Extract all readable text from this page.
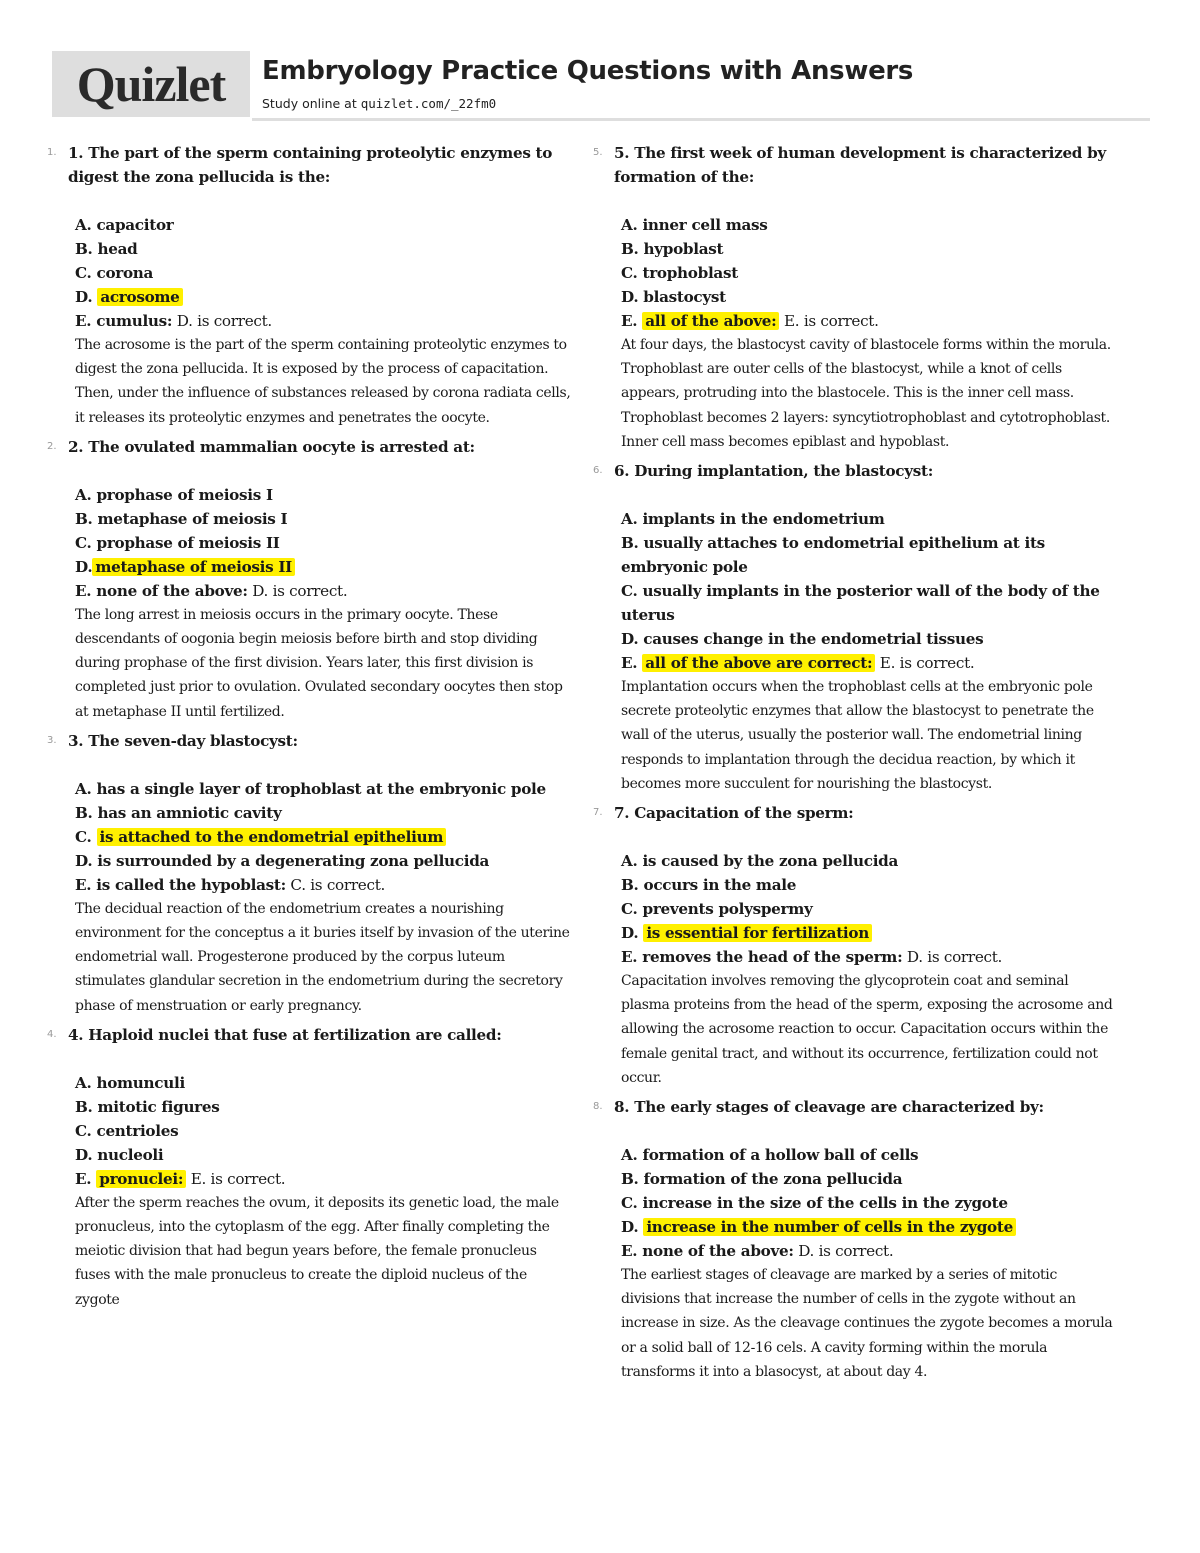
Quizlet Embryology Practice Questions with Answers
Study online at quizlet.com/_22fm0
1. 1. The part of the sperm containing proteolytic enzymes to digest the zona pellucida is the:
A. capacitor
B. head
C. corona
D. acrosome
E. cumulus: D. is correct.
The acrosome is the part of the sperm containing proteolytic enzymes to digest the zona pellucida. It is exposed by the process of capacitation. Then, under the influence of substances released by corona radiata cells, it releases its proteolytic enzymes and penetrates the oocyte.
2. 2. The ovulated mammalian oocyte is arrested at:
A. prophase of meiosis I
B. metaphase of meiosis I
C. prophase of meiosis II
D. metaphase of meiosis II
E. none of the above: D. is correct.
The long arrest in meiosis occurs in the primary oocyte. These descendants of oogonia begin meiosis before birth and stop dividing during prophase of the first division. Years later, this first division is completed just prior to ovulation. Ovulated secondary oocytes then stop at metaphase II until fertilized.
3. 3. The seven-day blastocyst:
A. has a single layer of trophoblast at the embryonic pole
B. has an amniotic cavity
C. is attached to the endometrial epithelium
D. is surrounded by a degenerating zona pellucida
E. is called the hypoblast: C. is correct.
The decidual reaction of the endometrium creates a nourishing environment for the conceptus a it buries itself by invasion of the uterine endometrial wall. Progesterone produced by the corpus luteum stimulates glandular secretion in the endometrium during the secretory phase of menstruation or early pregnancy.
4. 4. Haploid nuclei that fuse at fertilization are called:
A. homunculi
B. mitotic figures
C. centrioles
D. nucleoli
E. pronuclei: E. is correct.
After the sperm reaches the ovum, it deposits its genetic load, the male pronucleus, into the cytoplasm of the egg. After finally completing the meiotic division that had begun years before, the female pronucleus fuses with the male pronucleus to create the diploid nucleus of the zygote
5. 5. The first week of human development is characterized by formation of the:
A. inner cell mass
B. hypoblast
C. trophoblast
D. blastocyst
E. all of the above: E. is correct.
At four days, the blastocyst cavity of blastocele forms within the morula. Trophoblast are outer cells of the blastocyst, while a knot of cells appears, protruding into the blastocele. This is the inner cell mass. Trophoblast becomes 2 layers: syncytiotrophoblast and cytotrophoblast. Inner cell mass becomes epiblast and hypoblast.
6. 6. During implantation, the blastocyst:
A. implants in the endometrium
B. usually attaches to endometrial epithelium at its embryonic pole
C. usually implants in the posterior wall of the body of the uterus
D. causes change in the endometrial tissues
E. all of the above are correct: E. is correct.
Implantation occurs when the trophoblast cells at the embryonic pole secrete proteolytic enzymes that allow the blastocyst to penetrate the wall of the uterus, usually the posterior wall. The endometrial lining responds to implantation through the decidua reaction, by which it becomes more succulent for nourishing the blastocyst.
7. 7. Capacitation of the sperm:
A. is caused by the zona pellucida
B. occurs in the male
C. prevents polyspermy
D. is essential for fertilization
E. removes the head of the sperm: D. is correct.
Capacitation involves removing the glycoprotein coat and seminal plasma proteins from the head of the sperm, exposing the acrosome and allowing the acrosome reaction to occur. Capacitation occurs within the female genital tract, and without its occurrence, fertilization could not occur.
8. 8. The early stages of cleavage are characterized by:
A. formation of a hollow ball of cells
B. formation of the zona pellucida
C. increase in the size of the cells in the zygote
D. increase in the number of cells in the zygote
E. none of the above: D. is correct.
The earliest stages of cleavage are marked by a series of mitotic divisions that increase the number of cells in the zygote without an increase in size. As the cleavage continues the zygote becomes a morula or a solid ball of 12-16 cels. A cavity forming within the morula transforms it into a blasocyst, at about day 4.
